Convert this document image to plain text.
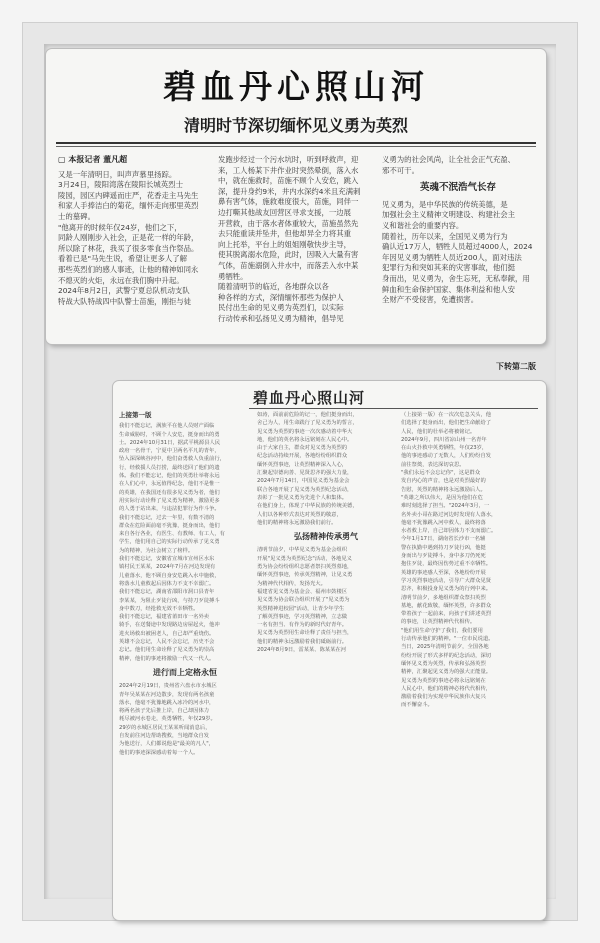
碧血丹心照山河
清明时节深切缅怀见义勇为英烈
▢ 本报记者 董凡超
又是一年清明日，叫声声慕里扬踪。
3月24日，陵阳湾落在陵阳长城英烈士
陵园，园区内碑遥而庄严，花香走主马先生
和家人手捧洁白的菊花，缅怀走向那里英烈
士的墓碑。
"他离开的时候年仅24岁，他们之下，
同龄人刚刚步入社会，正是花一样的年龄，
所以除了林花，我买了很多零食当作祭品。
看着已是"马先生说，希望让更多人了解
那些英烈们的感人事迹，让他的精神如同永
不熄灭的火炬，永远在我们胸中升起。
2024年8月2日，武警宁夏总队机动支队
特战大队特战四中队警士苗施，刚拒与徒
发跑步经过一个污水坑时，听到呼救声，迎
来，工人杨某下井作业时突然晕倒，落入水
中，就在施救时，苗施不顾个人安危，跳入
深，提升身约9米，井内水深约4米且充满刺
鼻有害气体，施救难度很大，苗施，同伴一
边打嘶其他战友回营区寻求支援，一边展
开营救，由于落水者体重较大，苗施虽然先
去只能重读并坠井，但他却异全力将其重
向上托举，平台上的姐姐刚敬快步主导，
使其脱离溺水危险，此时，因吸入大量有害
气体，苗施溺倒入井水中，而落丢入水中某
勇牺牲。
随着清明节的临近，各地群众以各
种各样的方式，深情缅怀那些为保护人
民付出生命的见义勇为英烈们，以实际
行动传承和弘扬见义勇为精神，倡导见
义勇为的社会风尚，让全社会正气充盈、
邪不可干。
英魂不泯浩气长存
见义勇为，是中华民族的传统美德，是
加强社会主义精神文明建设、构建社会主
义和谐社会的重要内容。
随着社，历年以来，全国见义勇为行为
确认近17万人，牺牲人员超过4000人，2024
年因见义勇为牺牲人员近200人，面对违法
犯罪行为和突如其来的灾害事故，他们挺
身而出，见义勇为，舍生忘死，无私奉献，用
鲜血和生命保护国家、集体利益和他人安
全财产不受侵害，免遭损害。
下转第二版
碧血丹心照山河
上接第一版
我们不能忘记，满族平在他人员财产面临
生命威胁时，不顾个人安危，挺身而出的勇
士。2024年10月31日，据武平桃源县人民
政府一名骨干，宁夏中卫两名平凡的青年，
坠入深深峡谷河中，他们奋勇救人负重前行，
行，经救援人员打捞，最终送回了他们的遗
体。我们不能忘记，他们的英勇壮举将永远
在人们心中，永远值得纪念，他们不是惟一
的英雄，在我国还有很多见义勇为者，他们
用实际行动诠释了见义勇为精神，激励更多
的人勇于站出来，与违法犯罪行为作斗争。
我们不能忘记，过去一年里，有数不清的
群众在危险面前毫不犹豫，挺身而出，他们
来自各行各业，有医生、有教师、有工人，有
学生，他们用自己的实际行动传承了见义勇
为的精神，为社会树立了榜样。
我们不能忘记，安徽省宣城市宣州区水东
镇村民王某某，2024年7月在河边发现有
儿童落水，他不顾自身安危跳入水中施救，
将落水儿童救起后因体力不支不幸溺亡。
我们不能忘记，湖南省邵阳市洞口县青年
李某某，为阻止歹徒行凶，与持刀歹徒搏斗
身中数刀，经抢救无效不幸牺牲。
我们不能忘记，福建省莆田市一名外卖
骑手，在送餐途中发现路边房屋起火，他冲
进火场救出被困老人，自己却严重烧伤。
英雄不会忘记，人民不会忘记，历史不会
忘记。他们用生命诠释了见义勇为的崇高
精神，他们的事迹将激励一代又一代人。
进行而上定格永恒
2024年2月19日，贵州省六盘水市水城区
青年吴某某在河边散步，发现有两名孩童
落水，他毫不犹豫地跳入冰冷的河水中，
将两名孩子先后推上岸，自己却因体力
耗尽被河水卷走，英勇牺牲，年仅29岁。
29岁的水城区居民王某某听闻消息后，
自发前往河边帮助搜救，当地群众自发
为他送行，人们都说他是"最美的凡人"，
他们的事迹深深感动着每一个人。
如涛，面前前危险的记一，他们挺身而出，
舍己为人，用生命践行了见义勇为的誓言，
见义勇为英烈的事迹一次次感动着中华大
地，他们的英名将永远铭刻在人民心中。
由于大家自主，群众对见义勇为英烈的
纪念活动持续开展，各地纷纷组织群众
缅怀英烈事迹，让英烈精神深入人心，
汇聚起崇德向善、见贤思齐的强大力量，
2024年7月14日，中国见义勇为基金会
联合各地开展了见义勇为英烈纪念活动，
表彰了一批见义勇为先进个人和集体。
在他们身上，体现了中华民族的传统美德，
人们以各种形式表达对英烈的敬意，
他们的精神将永远激励我们前行。
弘扬精神传承勇气
清明节前夕，中华见义勇为基金会组织
开展"见义勇为英烈纪念"活动，各地见义
勇为协会纷纷组织志愿者祭扫英烈墓地，
缅怀英烈事迹，传承英烈精神，让见义勇
为精神代代相传，发扬光大。
福建省见义勇为基金会、福州市鼓楼区
见义勇为协会联合组织开展了"见义勇为
英烈精神进校园"活动，让青少年学生
了解英烈事迹，学习英烈精神，立志做
一名有担当、有作为的新时代好青年。
见义勇为英烈用生命诠释了责任与担当，
他们的精神永远激励着我们砥砺前行。
2024年8月9日，雷某某、陈某某在河
（上接第一版）在一次次危急关头，他
们选择了挺身而出，他们把生命献给了
人民，他们的壮举必将被铭记。
2024年9月，四川省凉山州一名青年
在山火扑救中英勇牺牲，年仅23岁，
他的事迹感动了无数人，人们纷纷自发
前往祭奠，表达深切哀思。
"我们永远不会忘记你"，这是群众
发自内心的声音，也是对英烈最好的
告慰，英烈的精神将永远激励后人。
"英雄之所以伟大，是因为他们在危
难时刻选择了担当。"2024年3月，一
名外卖小哥在路过河边时发现有人落水，
他毫不犹豫跳入河中救人，最终将落
水者救上岸，自己却因体力不支而溺亡。
今年1月17日，湖南省长沙市一名辅
警在执勤中遇到持刀歹徒行凶，他挺
身而出与歹徒搏斗，身中多刀仍死死
抱住歹徒，最终因伤势过重不幸牺牲。
英雄的事迹感人至深，各地纷纷开展
学习英烈事迹活动，引导广大群众见贤
思齐，积极投身见义勇为的行列中来。
清明节前夕，多地组织群众祭扫英烈
墓地，献花致敬，缅怀英烈，许多群众
带着孩子一起前来，向孩子们讲述英烈
的事迹，让英烈精神代代相传。
"他们用生命守护了我们，我们要用
行动传承他们的精神。"一位市民说道。
当日，2025年清明节前夕，全国各地
纷纷开展了形式多样的纪念活动，深切
缅怀见义勇为英烈，传承和弘扬英烈
精神，汇聚起见义勇为的强大正能量。
见义勇为英烈的事迹必将永远铭刻在
人民心中，他们的精神必将代代相传，
激励着我们为实现中华民族伟大复兴
而不懈奋斗。
